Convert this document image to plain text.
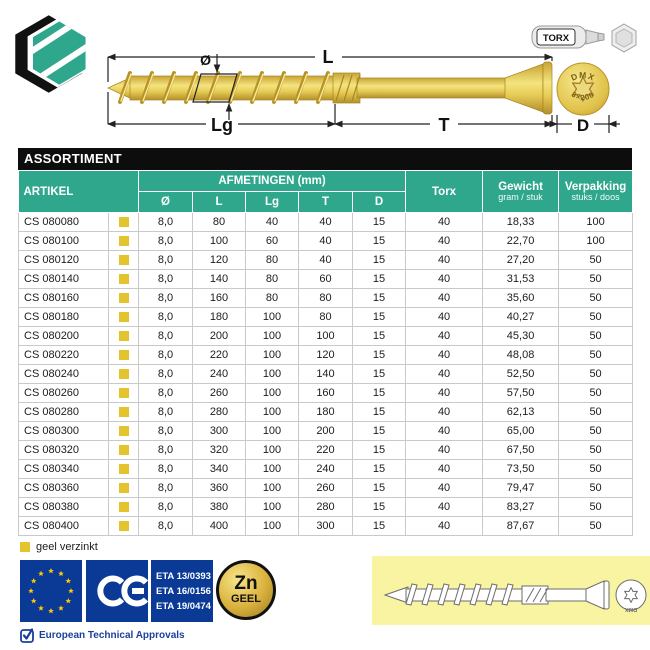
L
Ø
Lg	T
DMX
8×200
D
TORX
ASSORTIMENT
ARTIKEL	AFMETINGEN (mm)	Torx	Gewicht
gram / stuk

Verpakking
stuks / doos

		Ø	L	Lg	T	D			
CS 080080		8,0	80	40	40	15	40	18,33	100
CS 080100		8,0	100	60	40	15	40	22,70	100
CS 080120		8,0	120	80	40	15	40	27,20	50
CS 080140		8,0	140	80	60	15	40	31,53	50
CS 080160		8,0	160	80	80	15	40	35,60	50
CS 080180		8,0	180	100	80	15	40	40,27	50
CS 080200		8,0	200	100	100	15	40	45,30	50
CS 080220		8,0	220	100	120	15	40	48,08	50
CS 080240		8,0	240	100	140	15	40	52,50	50
CS 080260		8,0	260	100	160	15	40	57,50	50
CS 080280		8,0	280	100	180	15	40	62,13	50
CS 080300		8,0	300	100	200	15	40	65,00	50
CS 080320		8,0	320	100	220	15	40	67,50	50
CS 080340		8,0	340	100	240	15	40	73,50	50
CS 080360		8,0	360	100	260	15	40	79,47	50
CS 080380		8,0	380	100	280	15	40	83,27	50
CS 080400		8,0	400	100	300	15	40	87,67	50
geel verzinkt
ETA 13/0393
ETA 16/0156
ETA 19/0474
Zn
GEEL
European Technical Approvals
DMX
